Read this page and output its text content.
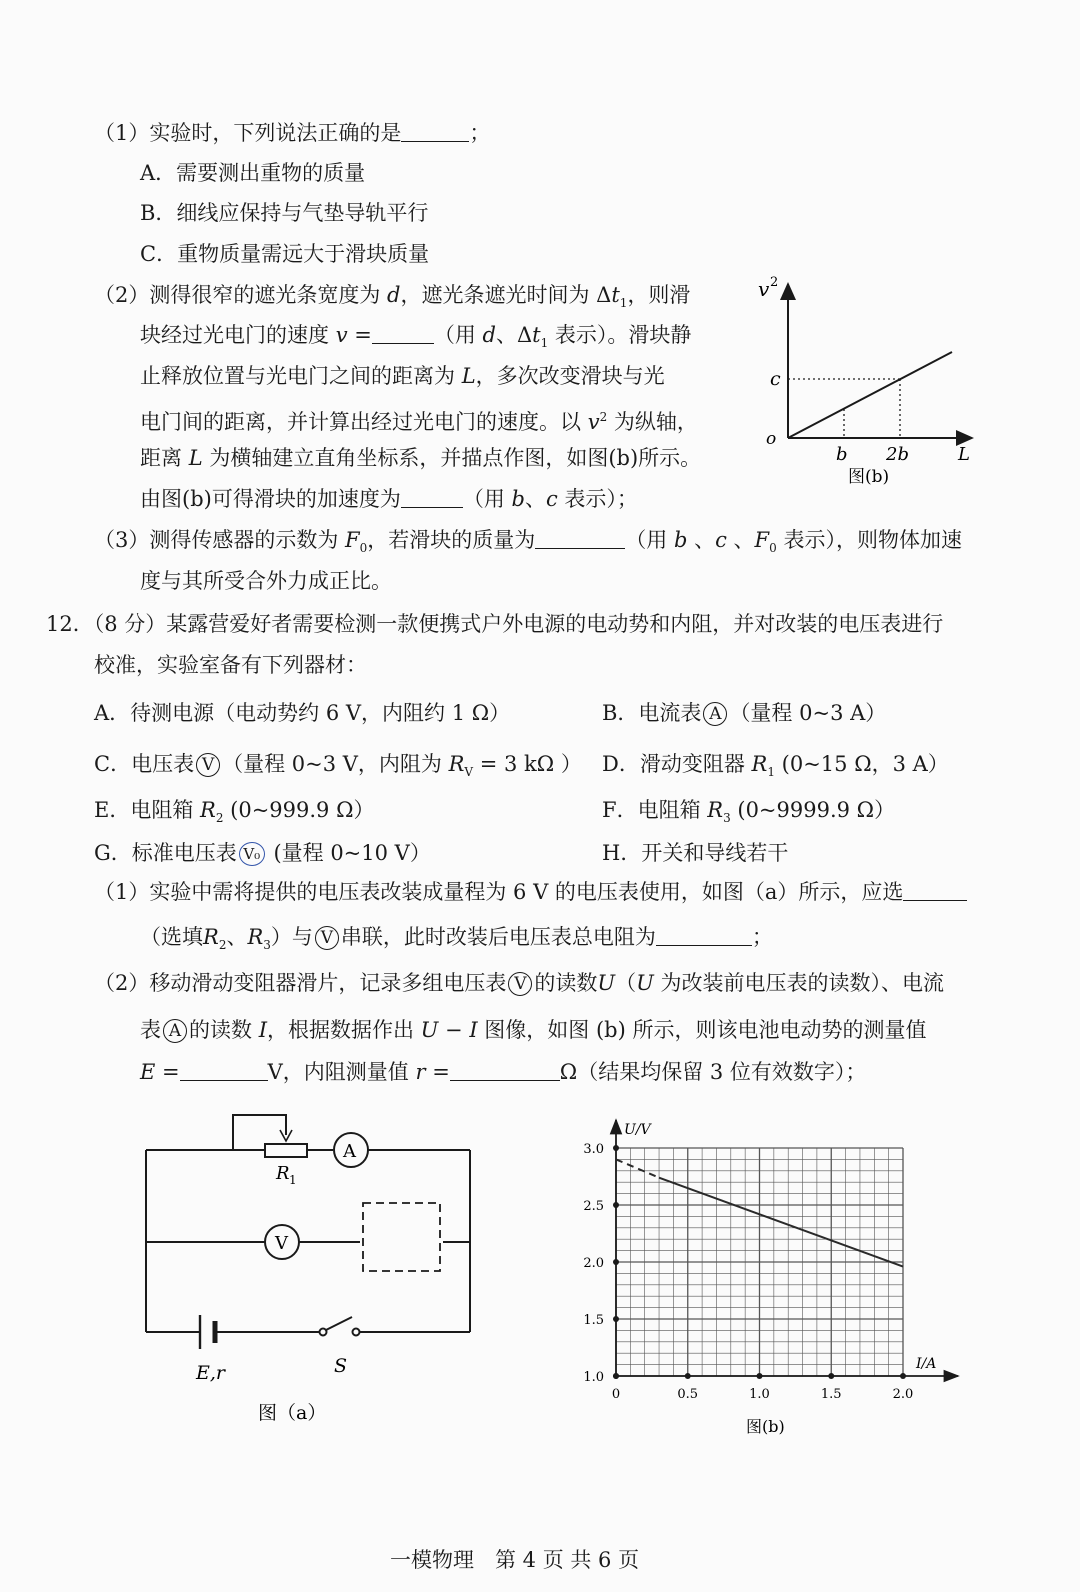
（1）实验时，下列说法正确的是	；
A．需要测出重物的质量
B．细线应保持与气垫导轨平行
C．重物质量需远大于滑块质量
（2）测得很窄的遮光条宽度为 d，遮光条遮光时间为 $\Delta t_1$，则滑
块经过光电门的速度 v =	（用 d、$\Delta t_1$ 表示）。滑块静
止释放位置与光电门之间的距离为 L，多次改变滑块与光
电门间的距离，并计算出经过光电门的速度。以 $v^2$ 为纵轴，
距离 L 为横轴建立直角坐标系，并描点作图，如图(b)所示。
由图(b)可得滑块的加速度为	（用 b、c 表示）；
v 2
c
o
b 2b	L
图(b)
（3）测得传感器的示数为 $F_0$，若滑块的质量为	（用 b 、c 、$F_0$ 表示），则物体加速
度与其所受合外力成正比。
12．（8 分）某露营爱好者需要检测一款便携式户外电源的电动势和内阻，并对改装的电压表进行
校准，实验室备有下列器材：
A．待测电源（电动势约 6 V，内阻约 1 Ω）	B．电流表 A （量程 0~3 A）
C．电压表 V （量程 0~3 V，内阻为 $R_V = 3$ kΩ ） D．滑动变阻器 $R_1$ (0~15 Ω，3 A）
E．电阻箱 $R_2$ (0~999.9 Ω）	F．电阻箱 $R_3$ (0~9999.9 Ω）
G．标准电压表 V₀ (量程 0~10 V）	H．开关和导线若干
（1）实验中需将提供的电压表改装成量程为 6 V 的电压表使用，如图（a）所示，应选
（选填$R_2$、$R_3$）与 V 串联，此时改装后电压表总电阻为	；
（2）移动滑动变阻器滑片，记录多组电压表 V 的读数U（U 为改装前电压表的读数）、电流
表 A 的读数 I，根据数据作出 U − I 图像，如图 (b) 所示，则该电池电动势的测量值
E =	V，内阻测量值 r =	Ω（结果均保留 3 位有效数字）；
A
V
R 1
E,r	S
图（a）
0	0.5	1.0	1.5	2.0
1.0
1.5
2.0
2.5
3.0
U/V
I/A
图(b)
一模物理　第 4 页 共 6 页
